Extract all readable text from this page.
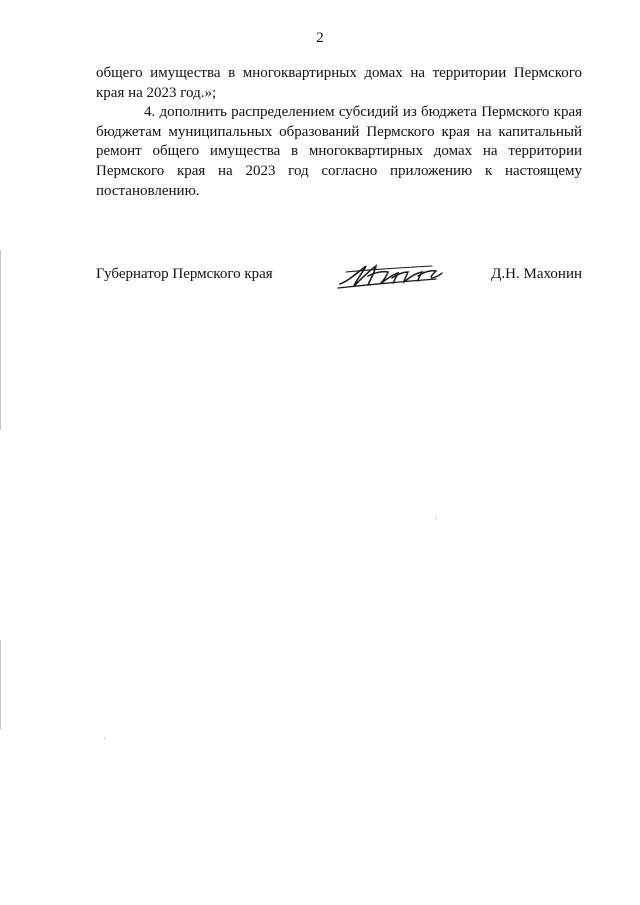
2

общего имущества в многоквартирных домах на территории Пермского края на 2023 год.»;

4. дополнить распределением субсидий из бюджета Пермского края бюджетам муниципальных образований Пермского края на капитальный ремонт общего имущества в многоквартирных домах на территории Пермского края на 2023 год согласно приложению к настоящему постановлению.

Губернатор Пермского края	Д.Н. Махонин
